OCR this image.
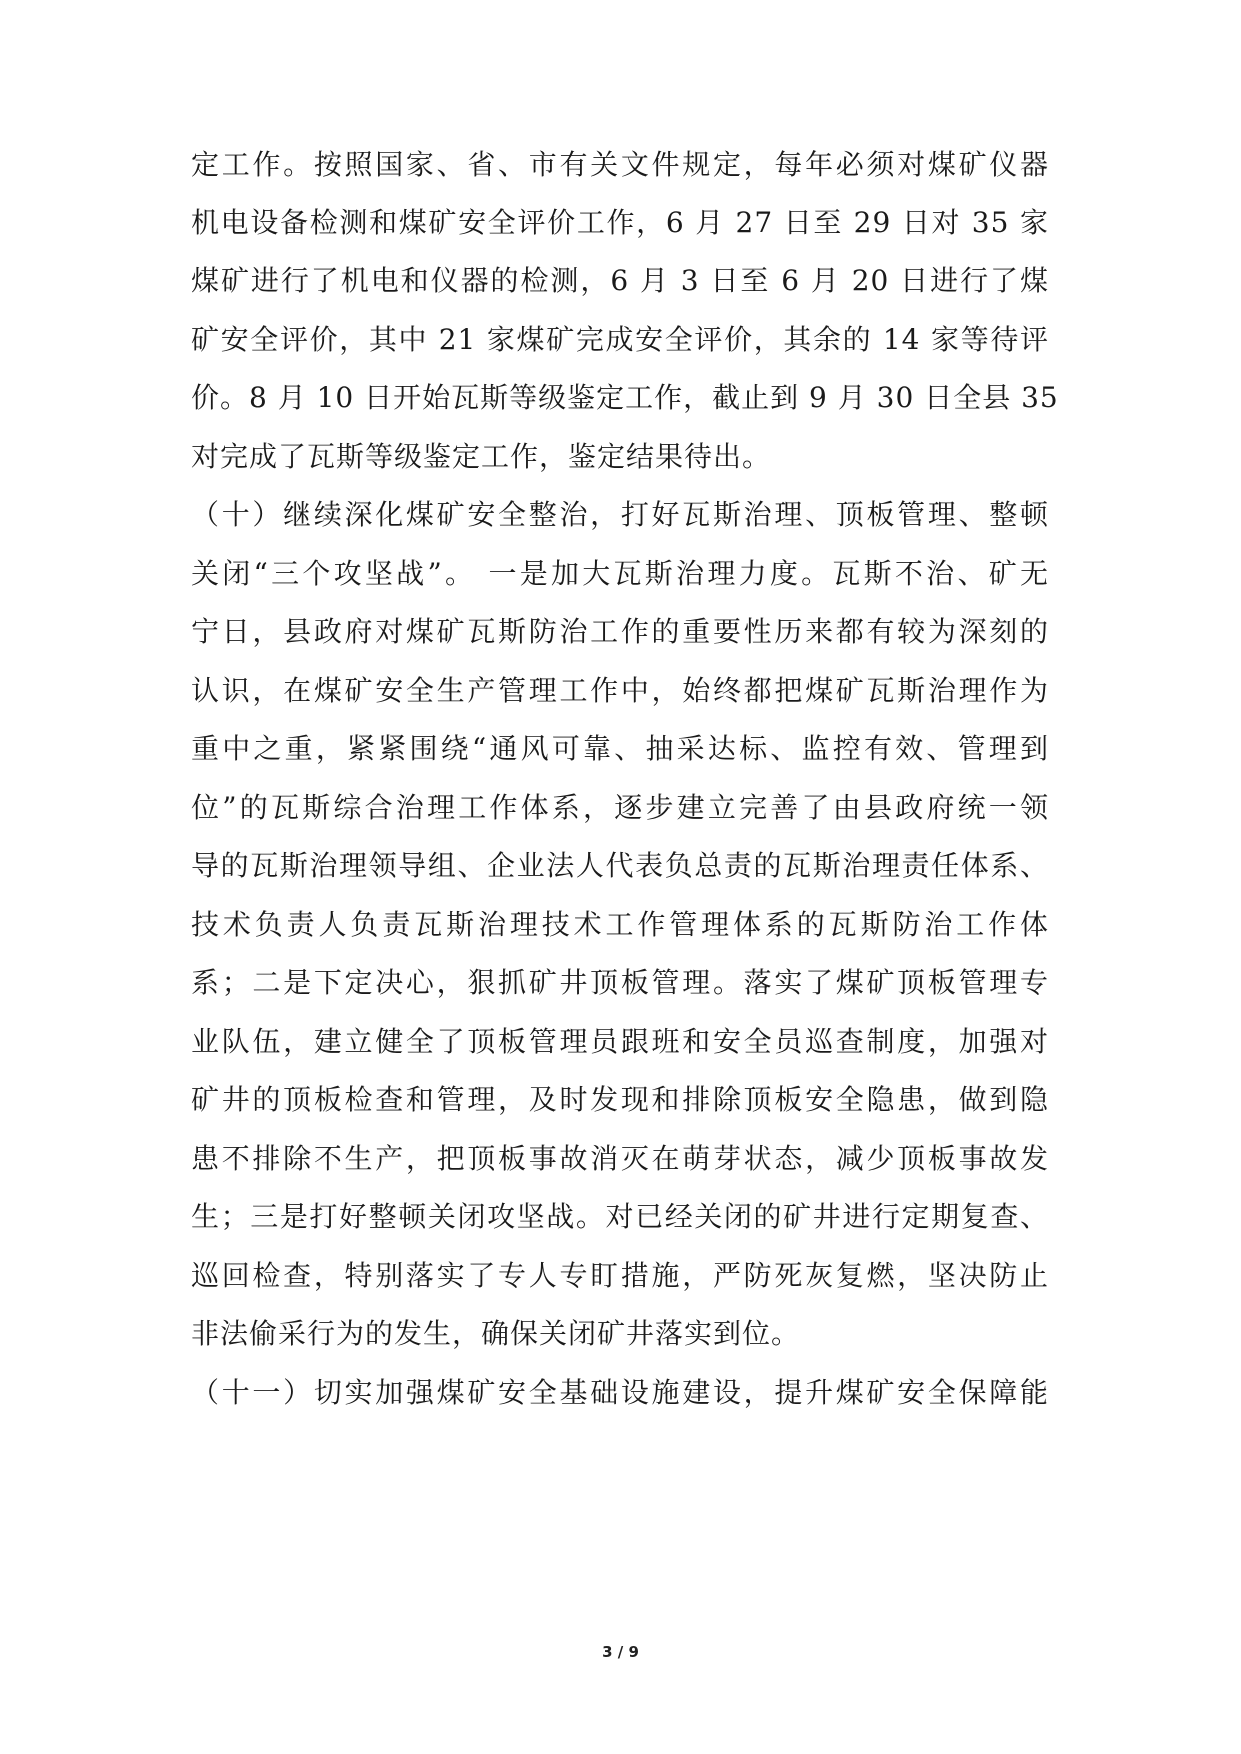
定工作。按照国家、省、市有关文件规定，每年必须对煤矿仪器
机电设备检测和煤矿安全评价工作，6 月 27 日至 29 日对 35 家
煤矿进行了机电和仪器的检测，6 月 3 日至 6 月 20 日进行了煤
矿安全评价，其中 21 家煤矿完成安全评价，其余的 14 家等待评
价。8 月 10 日开始瓦斯等级鉴定工作，截止到 9 月 30 日全县 35
对完成了瓦斯等级鉴定工作，鉴定结果待出。
（十）继续深化煤矿安全整治，打好瓦斯治理、顶板管理、整顿
关闭“三个攻坚战”。 一是加大瓦斯治理力度。瓦斯不治、矿无
宁日，县政府对煤矿瓦斯防治工作的重要性历来都有较为深刻的
认识，在煤矿安全生产管理工作中，始终都把煤矿瓦斯治理作为
重中之重，紧紧围绕“通风可靠、抽采达标、监控有效、管理到
位”的瓦斯综合治理工作体系，逐步建立完善了由县政府统一领
导的瓦斯治理领导组、企业法人代表负总责的瓦斯治理责任体系、
技术负责人负责瓦斯治理技术工作管理体系的瓦斯防治工作体
系；二是下定决心，狠抓矿井顶板管理。落实了煤矿顶板管理专
业队伍，建立健全了顶板管理员跟班和安全员巡查制度，加强对
矿井的顶板检查和管理，及时发现和排除顶板安全隐患，做到隐
患不排除不生产，把顶板事故消灭在萌芽状态，减少顶板事故发
生；三是打好整顿关闭攻坚战。对已经关闭的矿井进行定期复查、
巡回检查，特别落实了专人专盯措施，严防死灰复燃，坚决防止
非法偷采行为的发生，确保关闭矿井落实到位。
（十一）切实加强煤矿安全基础设施建设，提升煤矿安全保障能
3 / 9
